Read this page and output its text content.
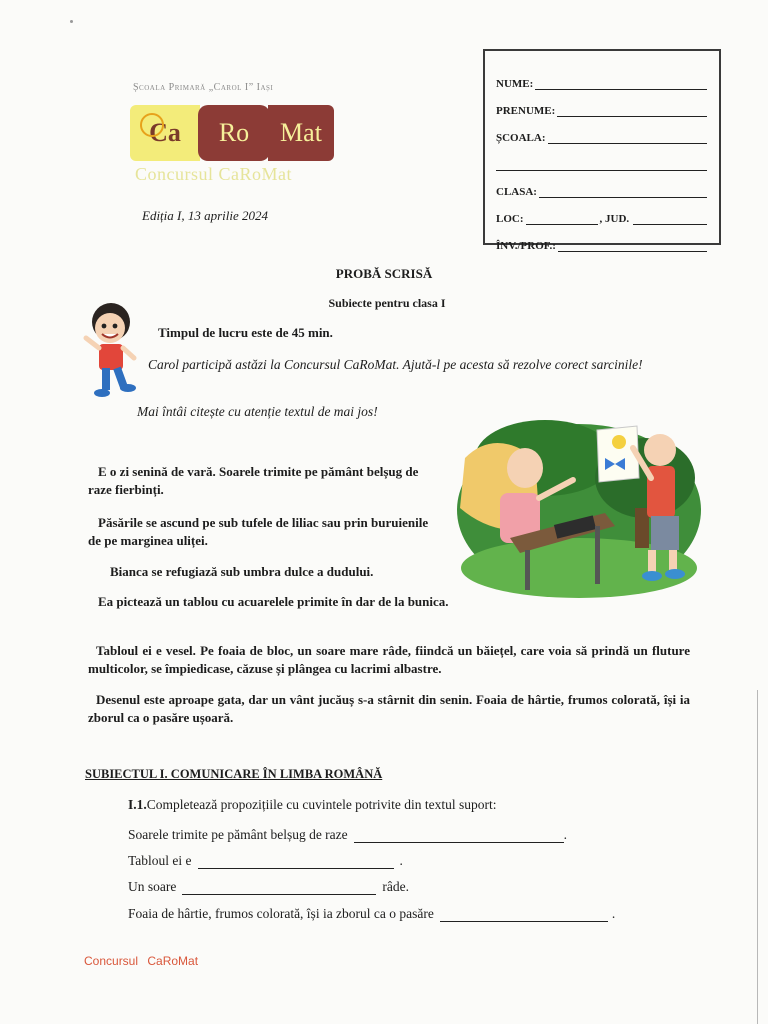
Școala Primară „Carol I” Iași
Ca Ro Mat
Concursul CaRoMat
Ediția I, 13 aprilie 2024
NUME:
PRENUME:
ȘCOALA:
CLASA:
LOC:	, JUD.
ÎNV./PROF.:
PROBĂ SCRISĂ
Subiecte pentru clasa I
Timpul de lucru este de 45 min.
Carol participă astăzi la Concursul CaRoMat. Ajută-l pe acesta să rezolve corect sarcinile!
Mai întâi citește cu atenție textul de mai jos!
E o zi senină de vară. Soarele trimite pe pământ belșug de raze fierbinți.
Păsările se ascund pe sub tufele de liliac sau prin buruienile de pe marginea uliței.
Bianca se refugiază sub umbra dulce a dudului.
Ea pictează un tablou cu acuarelele primite în dar de la bunica.
Tabloul ei e vesel. Pe foaia de bloc, un soare mare râde, fiindcă un băiețel, care voia să prindă un fluture multicolor, se împiedicase, căzuse și plângea cu lacrimi albastre.
Desenul este aproape gata, dar un vânt jucăuș s-a stârnit din senin. Foaia de hârtie, frumos colorată, își ia zborul ca o pasăre ușoară.
SUBIECTUL I. COMUNICARE ÎN LIMBA ROMÂNĂ
I.1.Completează propozițiile cu cuvintele potrivite din textul suport:
Soarele trimite pe pământ belșug de raze	.
Tabloul ei e	.
Un soare	râde.
Foaia de hârtie, frumos colorată, își ia zborul ca o pasăre	.
Concursul CaRoMat
